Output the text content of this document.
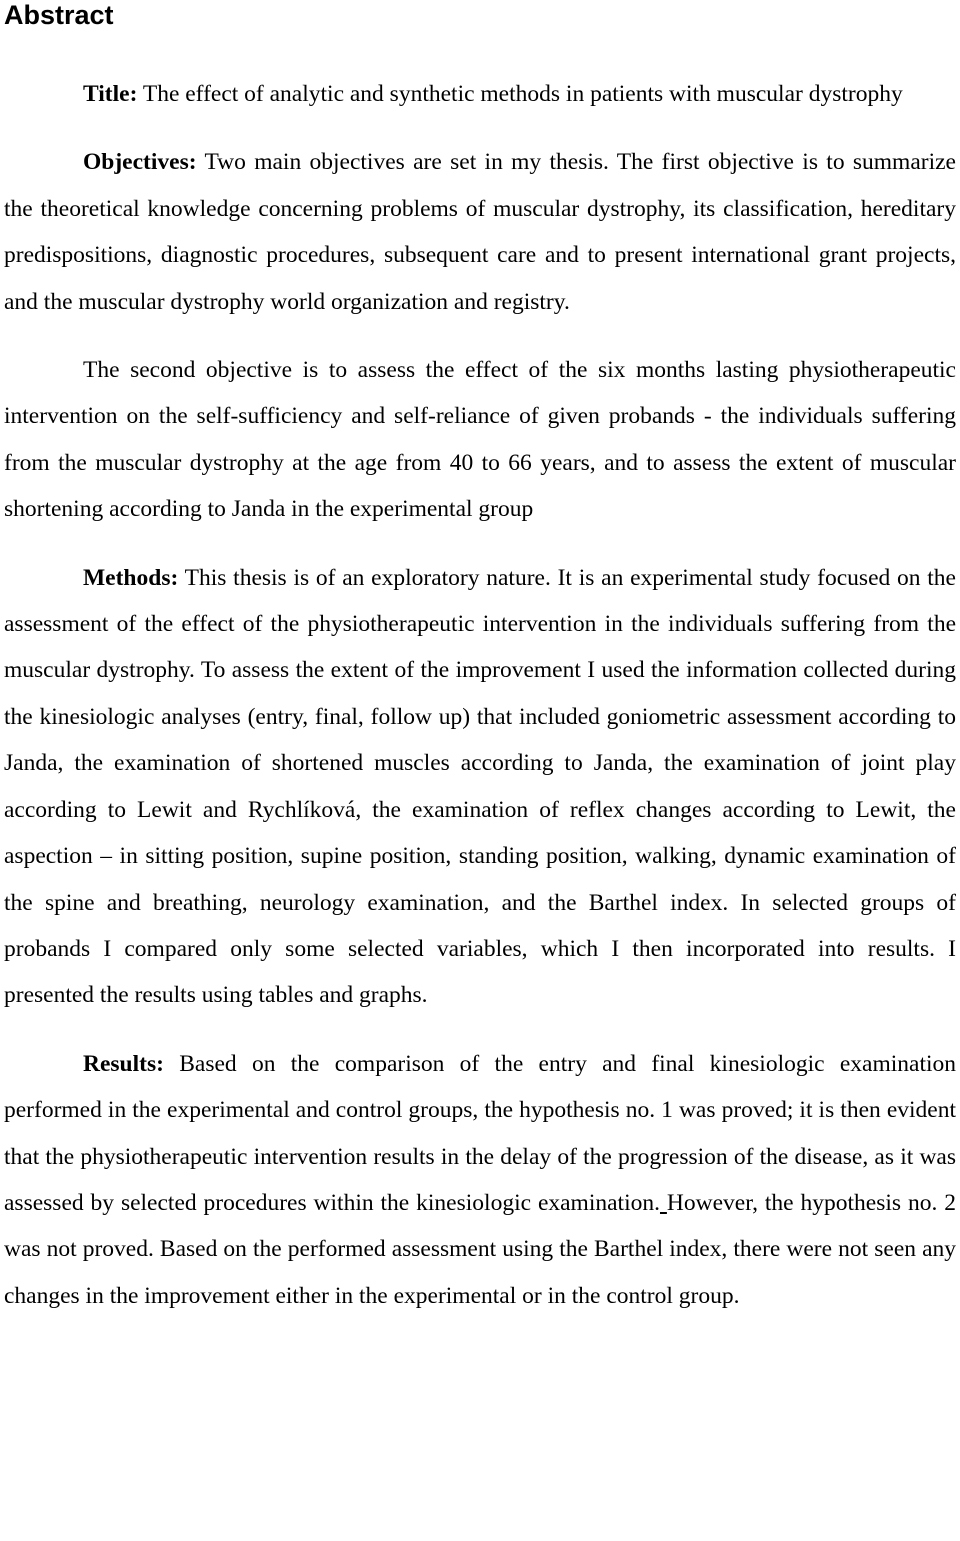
Abstract

Title: The effect of analytic and synthetic methods in patients with muscular dystrophy

Objectives: Two main objectives are set in my thesis. The first objective is to summarize the theoretical knowledge concerning problems of muscular dystrophy, its classification, hereditary predispositions, diagnostic procedures, subsequent care and to present international grant projects, and the muscular dystrophy world organization and registry.

The second objective is to assess the effect of the six months lasting physiotherapeutic intervention on the self-sufficiency and self-reliance of given probands - the individuals suffering from the muscular dystrophy at the age from 40 to 66 years, and to assess the extent of muscular shortening according to Janda in the experimental group

Methods: This thesis is of an exploratory nature. It is an experimental study focused on the assessment of the effect of the physiotherapeutic intervention in the individuals suffering from the muscular dystrophy. To assess the extent of the improvement I used the information collected during the kinesiologic analyses (entry, final, follow up) that included goniometric assessment according to Janda, the examination of shortened muscles according to Janda, the examination of joint play according to Lewit and Rychlíková, the examination of reflex changes according to Lewit, the aspection – in sitting position, supine position, standing position, walking, dynamic examination of the spine and breathing, neurology examination, and the Barthel index. In selected groups of probands I compared only some selected variables, which I then incorporated into results. I presented the results using tables and graphs.

Results: Based on the comparison of the entry and final kinesiologic examination performed in the experimental and control groups, the hypothesis no. 1 was proved; it is then evident that the physiotherapeutic intervention results in the delay of the progression of the disease, as it was assessed by selected procedures within the kinesiologic examination. However, the hypothesis no. 2 was not proved. Based on the performed assessment using the Barthel index, there were not seen any changes in the improvement either in the experimental or in the control group.
